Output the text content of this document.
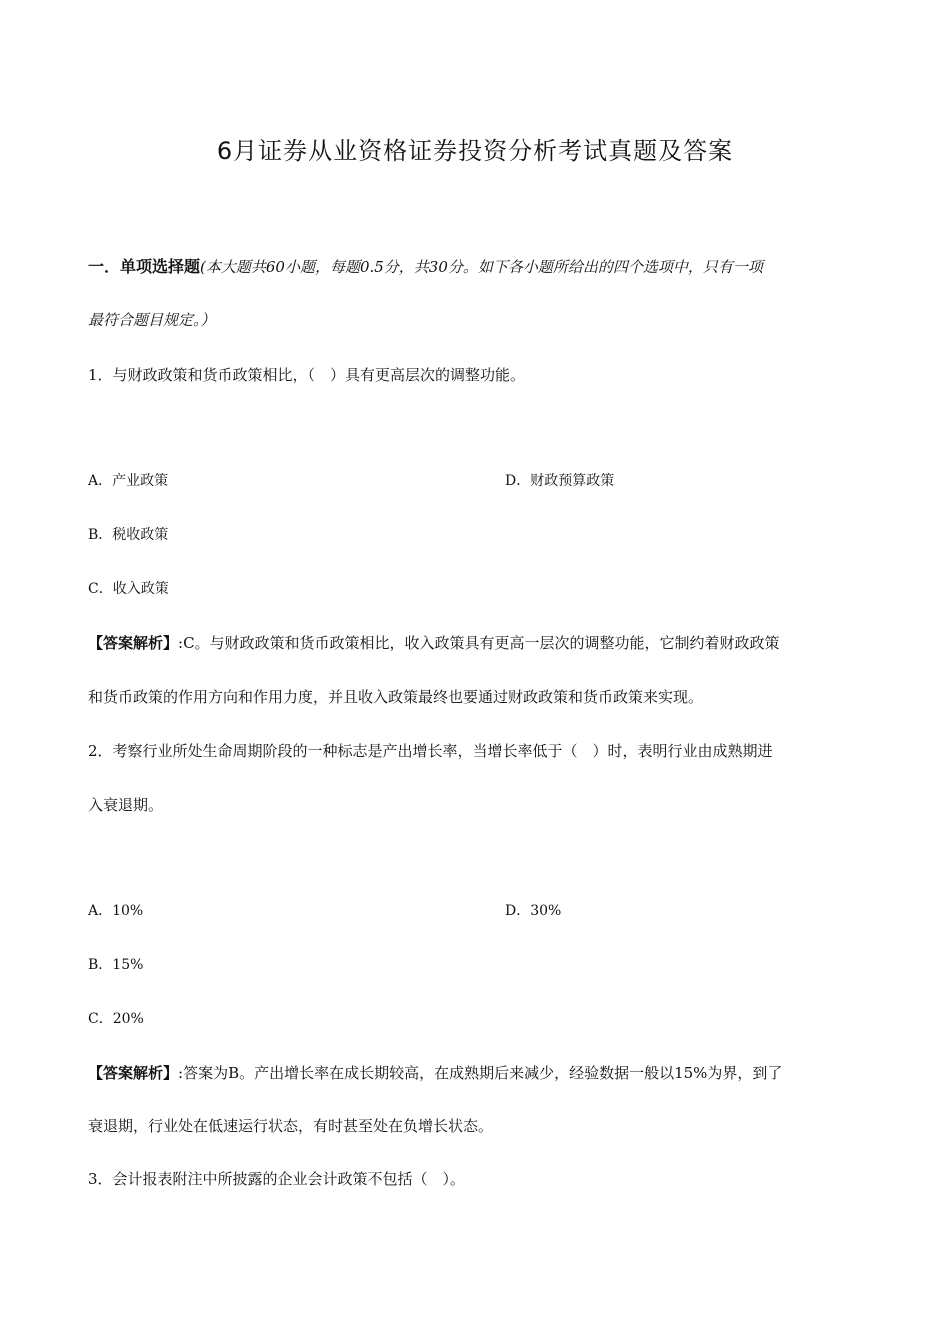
6月证券从业资格证券投资分析考试真题及答案
一．单项选择题(本大题共60小题，每题0.5分，共30分。如下各小题所给出的四个选项中，只有一项
最符合题目规定。）
1．与财政政策和货币政策相比，（　）具有更高层次的调整功能。
A．产业政策	D．财政预算政策
B．税收政策
C．收入政策
【答案解析】:C。与财政政策和货币政策相比，收入政策具有更高一层次的调整功能，它制约着财政政策
和货币政策的作用方向和作用力度，并且收入政策最终也要通过财政政策和货币政策来实现。
2．考察行业所处生命周期阶段的一种标志是产出增长率，当增长率低于（　）时，表明行业由成熟期进
入衰退期。
A．10%	D．30%
B．15%
C．20%
【答案解析】:答案为B。产出增长率在成长期较高，在成熟期后来减少，经验数据一般以15%为界，到了
衰退期，行业处在低速运行状态，有时甚至处在负增长状态。
3．会计报表附注中所披露的企业会计政策不包括（　）。
